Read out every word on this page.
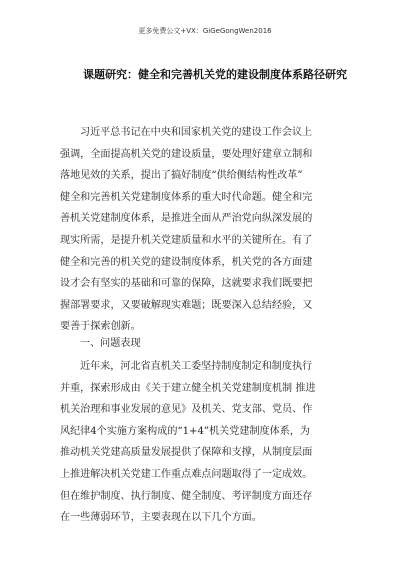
更多免费公文+VX：GiGeGongWen2016
课题研究：健全和完善机关党的建设制度体系路径研究
习近平总书记在中央和国家机关党的建设工作会议上
强调，全面提高机关党的建设质量，要处理好建章立制和
落地见效的关系，提出了搞好制度“供给侧结构性改革”
健全和完善机关党建制度体系的重大时代命题。健全和完
善机关党建制度体系，是推进全面从严治党向纵深发展的
现实所需，是提升机关党建质量和水平的关键所在。有了
健全和完善的机关党的建设制度体系，机关党的各方面建
设才会有坚实的基础和可靠的保障，这就要求我们既要把
握部署要求，又要破解现实难题；既要深入总结经验，又
要善于探索创新。
一、问题表现
近年来，河北省直机关工委坚持制度制定和制度执行
并重，探索形成由《关于建立健全机关党建制度机制 推进
机关治理和事业发展的意见》及机关、党支部、党员、作
风纪律4个实施方案构成的“1+4”机关党建制度体系，为
推动机关党建高质量发展提供了保障和支撑，从制度层面
上推进解决机关党建工作重点难点问题取得了一定成效。
但在维护制度、执行制度、健全制度、考评制度方面还存
在一些薄弱环节，主要表现在以下几个方面。
